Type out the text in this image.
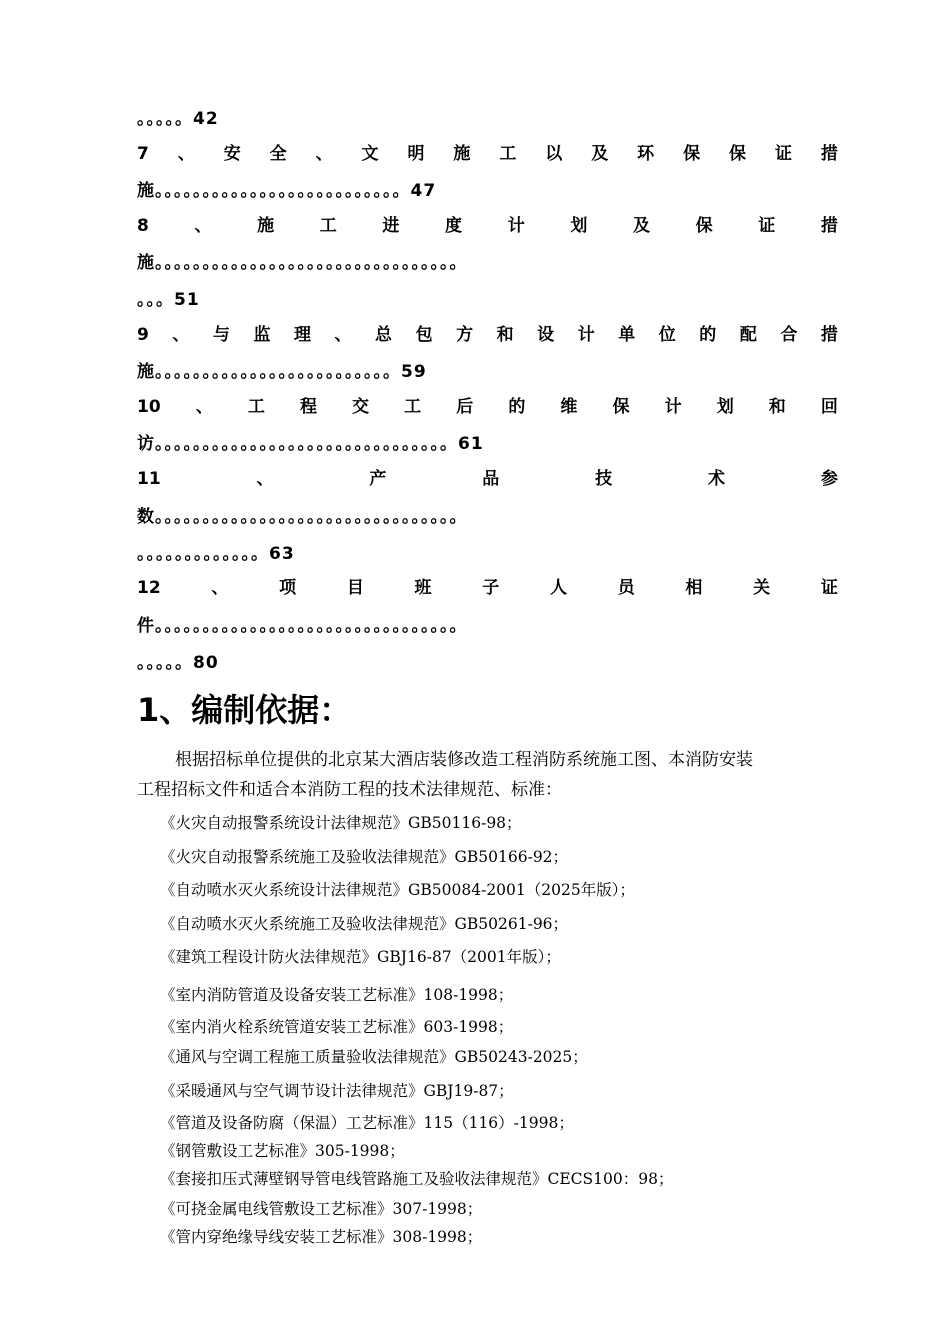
。。。。。42
7 、 安 全 、 文 明 施 工 以 及 环 保 保 证 措
施。。。。。。。。。。。。。。。。。。。。。。。。。。47
8	、	施	工	进	度	计	划	及	保	证	措
施。。。。。。。。。。。。。。。。。。。。。。。。。。。。。。。。
。。。51
9 、 与 监 理 、 总 包 方 和 设 计 单 位 的 配 合 措
施。。。。。。。。。。。。。。。。。。。。。。。。。59
10 、 工 程 交 工 后 的 维 保 计 划 和 回
访。。。。。。。。。。。。。。。。。。。。。。。。。。。。。。。61
11	、	产	品	技	术	参
数。。。。。。。。。。。。。。。。。。。。。。。。。。。。。。。。
。。。。。。。。。。。。。63
12	、	项	目	班	子	人	员	相	关	证
件。。。。。。。。。。。。。。。。。。。。。。。。。。。。。。。。
。。。。。80
1、编制依据：
根据招标单位提供的北京某大酒店装修改造工程消防系统施工图、本消防安装
工程招标文件和适合本消防工程的技术法律规范、标准：
《火灾自动报警系统设计法律规范》GB50116-98；
《火灾自动报警系统施工及验收法律规范》GB50166-92；
《自动喷水灭火系统设计法律规范》GB50084-2001（2025年版）；
《自动喷水灭火系统施工及验收法律规范》GB50261-96；
《建筑工程设计防火法律规范》GBJ16-87（2001年版）；
《室内消防管道及设备安装工艺标准》108-1998；
《室内消火栓系统管道安装工艺标准》603-1998；
《通风与空调工程施工质量验收法律规范》GB50243-2025；
《采暖通风与空气调节设计法律规范》GBJ19-87；
《管道及设备防腐（保温）工艺标准》115（116）-1998；
《钢管敷设工艺标准》305-1998；
《套接扣压式薄壁钢导管电线管路施工及验收法律规范》CECS100：98；
《可挠金属电线管敷设工艺标准》307-1998；
《管内穿绝缘导线安装工艺标准》308-1998；
